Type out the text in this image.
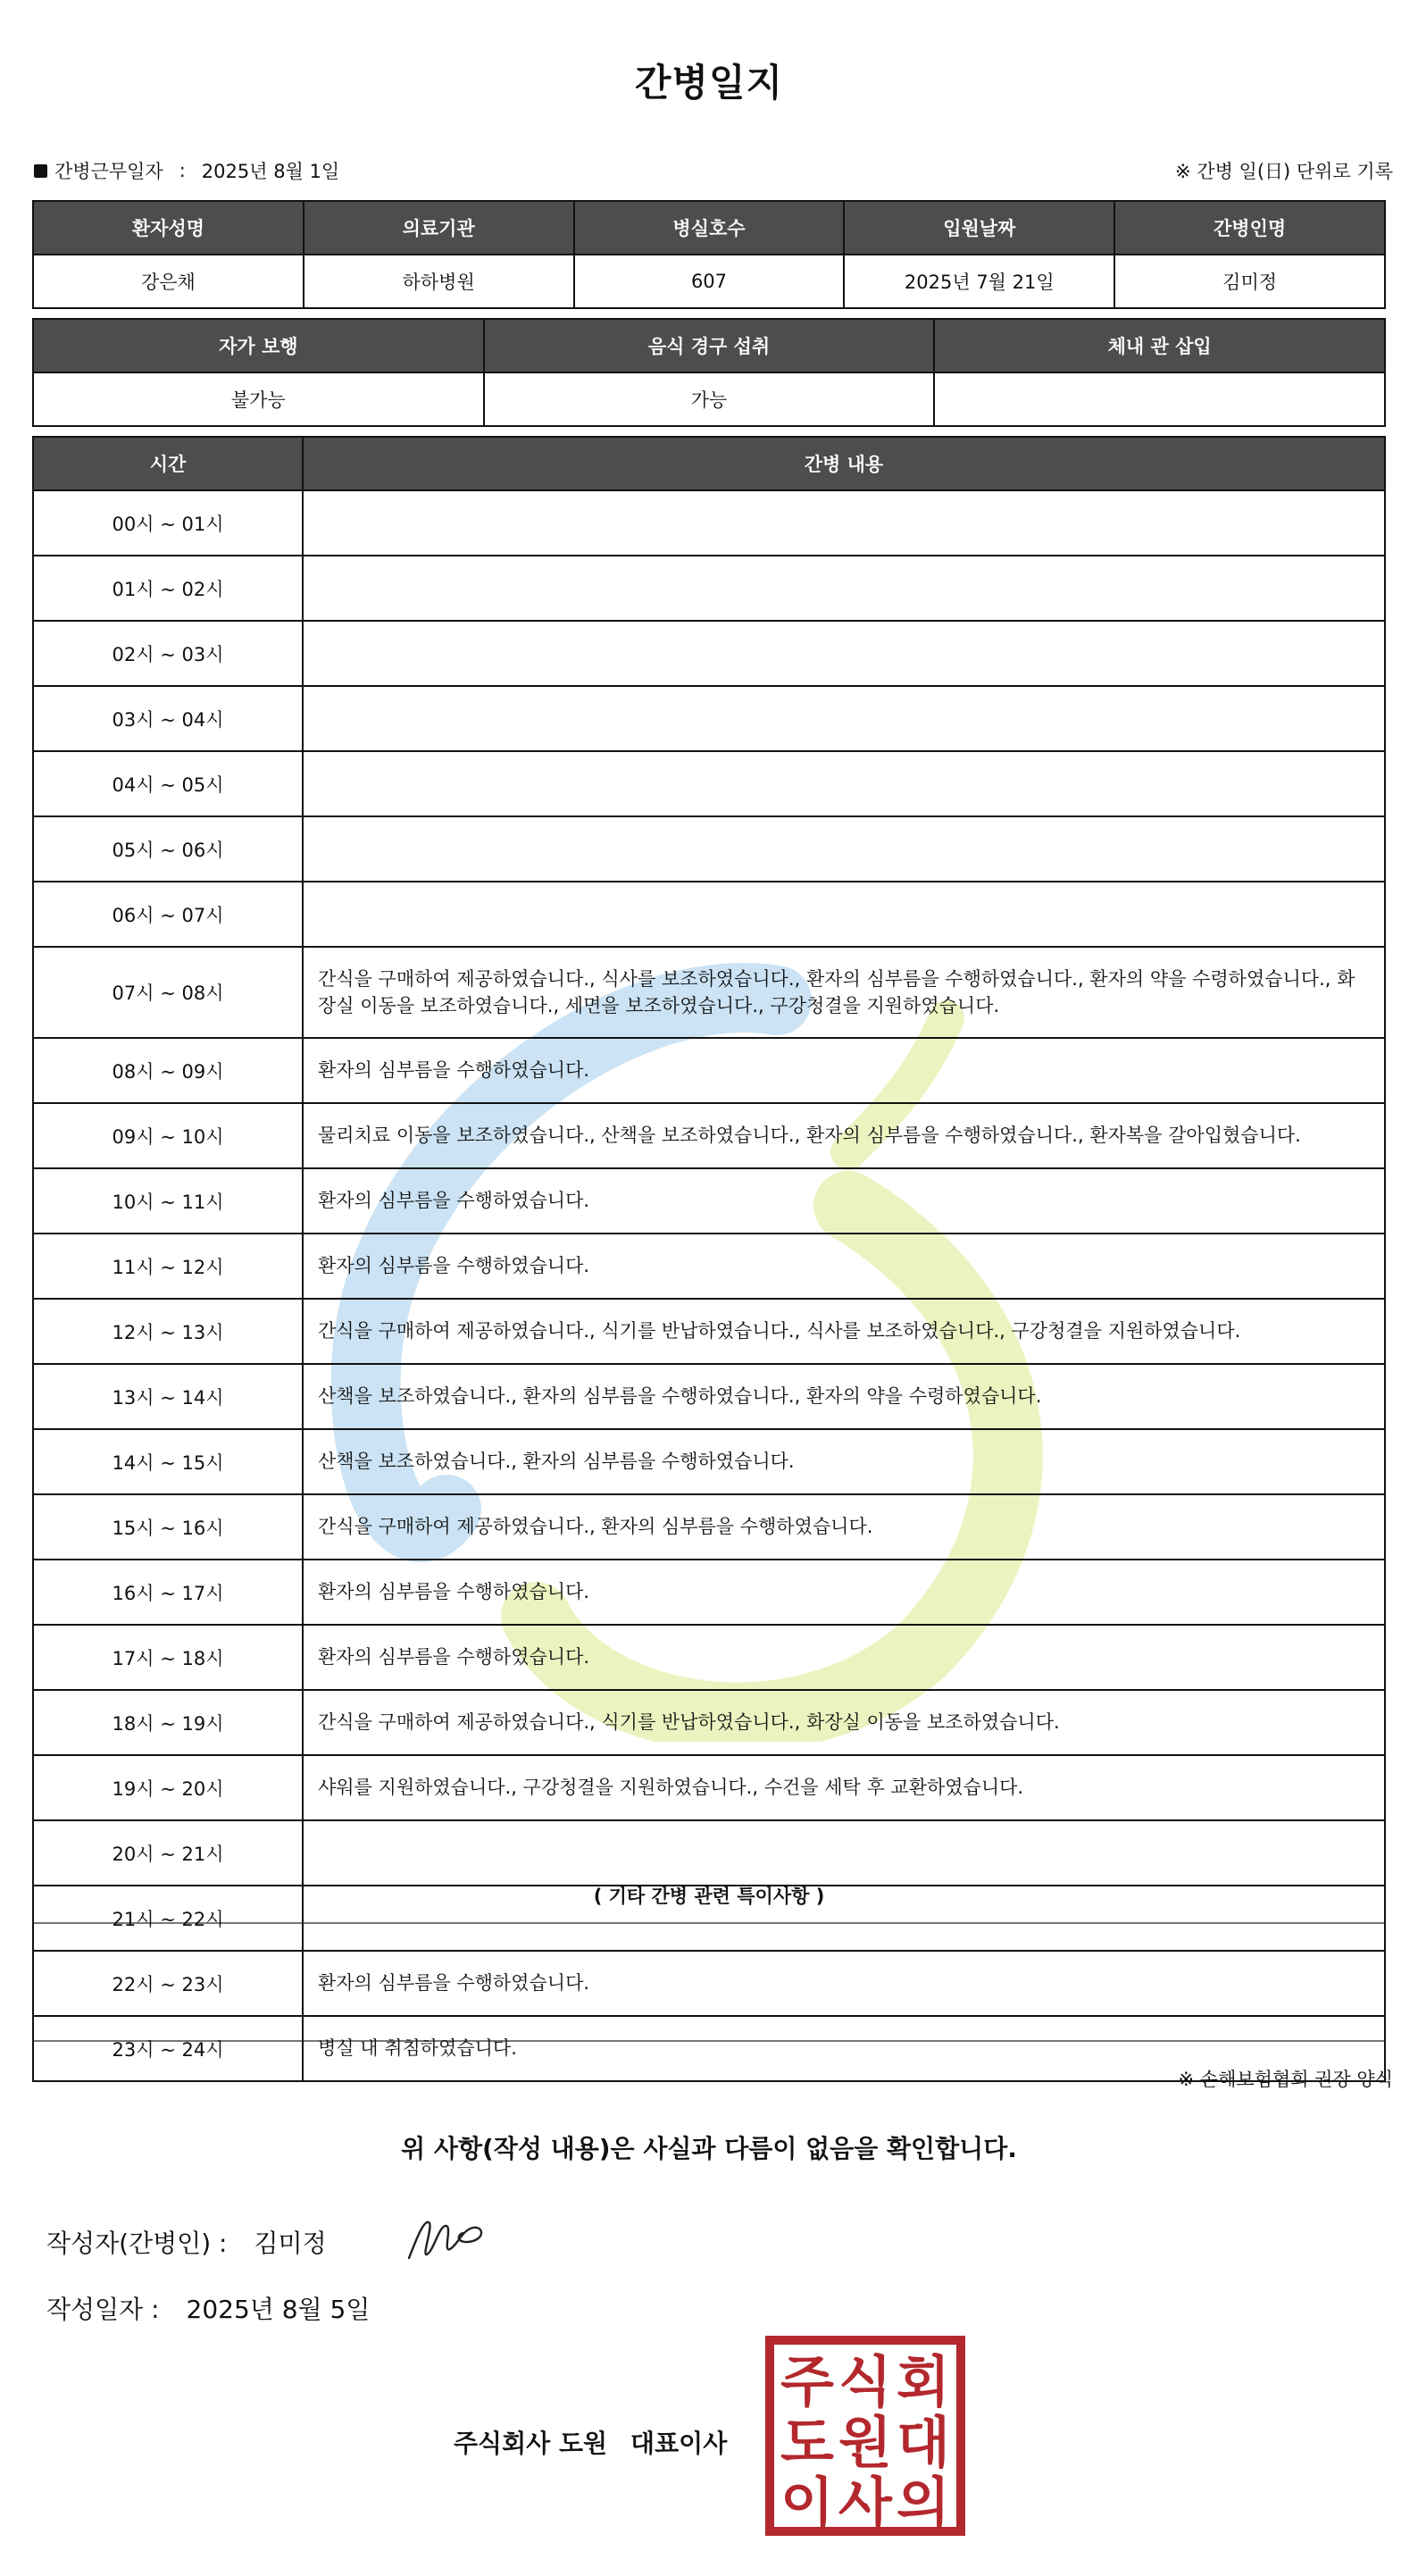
간병일지
간병근무일자 : 2025년 8월 1일	※ 간병 일(日) 단위로 기록
환자성명	의료기관	병실호수	입원날짜	간병인명
강은채	하하병원	607	2025년 7월 21일	김미정
자가 보행	음식 경구 섭취	체내 관 삽입
불가능	가능	
시간	간병 내용
00시 ~ 01시	
01시 ~ 02시	
02시 ~ 03시	
03시 ~ 04시	
04시 ~ 05시	
05시 ~ 06시	
06시 ~ 07시	
07시 ~ 08시	간식을 구매하여 제공하였습니다., 식사를 보조하였습니다., 환자의 심부름을 수행하였습니다., 환자의 약을 수령하였습니다., 화장실 이동을 보조하였습니다., 세면을 보조하였습니다., 구강청결을 지원하였습니다.
08시 ~ 09시	환자의 심부름을 수행하였습니다.
09시 ~ 10시	물리치료 이동을 보조하였습니다., 산책을 보조하였습니다., 환자의 심부름을 수행하였습니다., 환자복을 갈아입혔습니다.
10시 ~ 11시	환자의 심부름을 수행하였습니다.
11시 ~ 12시	환자의 심부름을 수행하였습니다.
12시 ~ 13시	간식을 구매하여 제공하였습니다., 식기를 반납하였습니다., 식사를 보조하였습니다., 구강청결을 지원하였습니다.
13시 ~ 14시	산책을 보조하였습니다., 환자의 심부름을 수행하였습니다., 환자의 약을 수령하였습니다.
14시 ~ 15시	산책을 보조하였습니다., 환자의 심부름을 수행하였습니다.
15시 ~ 16시	간식을 구매하여 제공하였습니다., 환자의 심부름을 수행하였습니다.
16시 ~ 17시	환자의 심부름을 수행하였습니다.
17시 ~ 18시	환자의 심부름을 수행하였습니다.
18시 ~ 19시	간식을 구매하여 제공하였습니다., 식기를 반납하였습니다., 화장실 이동을 보조하였습니다.
19시 ~ 20시	샤워를 지원하였습니다., 구강청결을 지원하였습니다., 수건을 세탁 후 교환하였습니다.
20시 ~ 21시	
21시 ~ 22시	
22시 ~ 23시	환자의 심부름을 수행하였습니다.
23시 ~ 24시	병실 내 취침하였습니다.
( 기타 간병 관련 특이사항 )
※ 손해보험협회 권장 양식
위 사항(작성 내용)은 사실과 다름이 없음을 확인합니다.
작성자(간병인) : 김미정
작성일자 : 2025년 8월 5일
주식회사 도원 대표이사
주 식 회
도 원 대
이 사 의
